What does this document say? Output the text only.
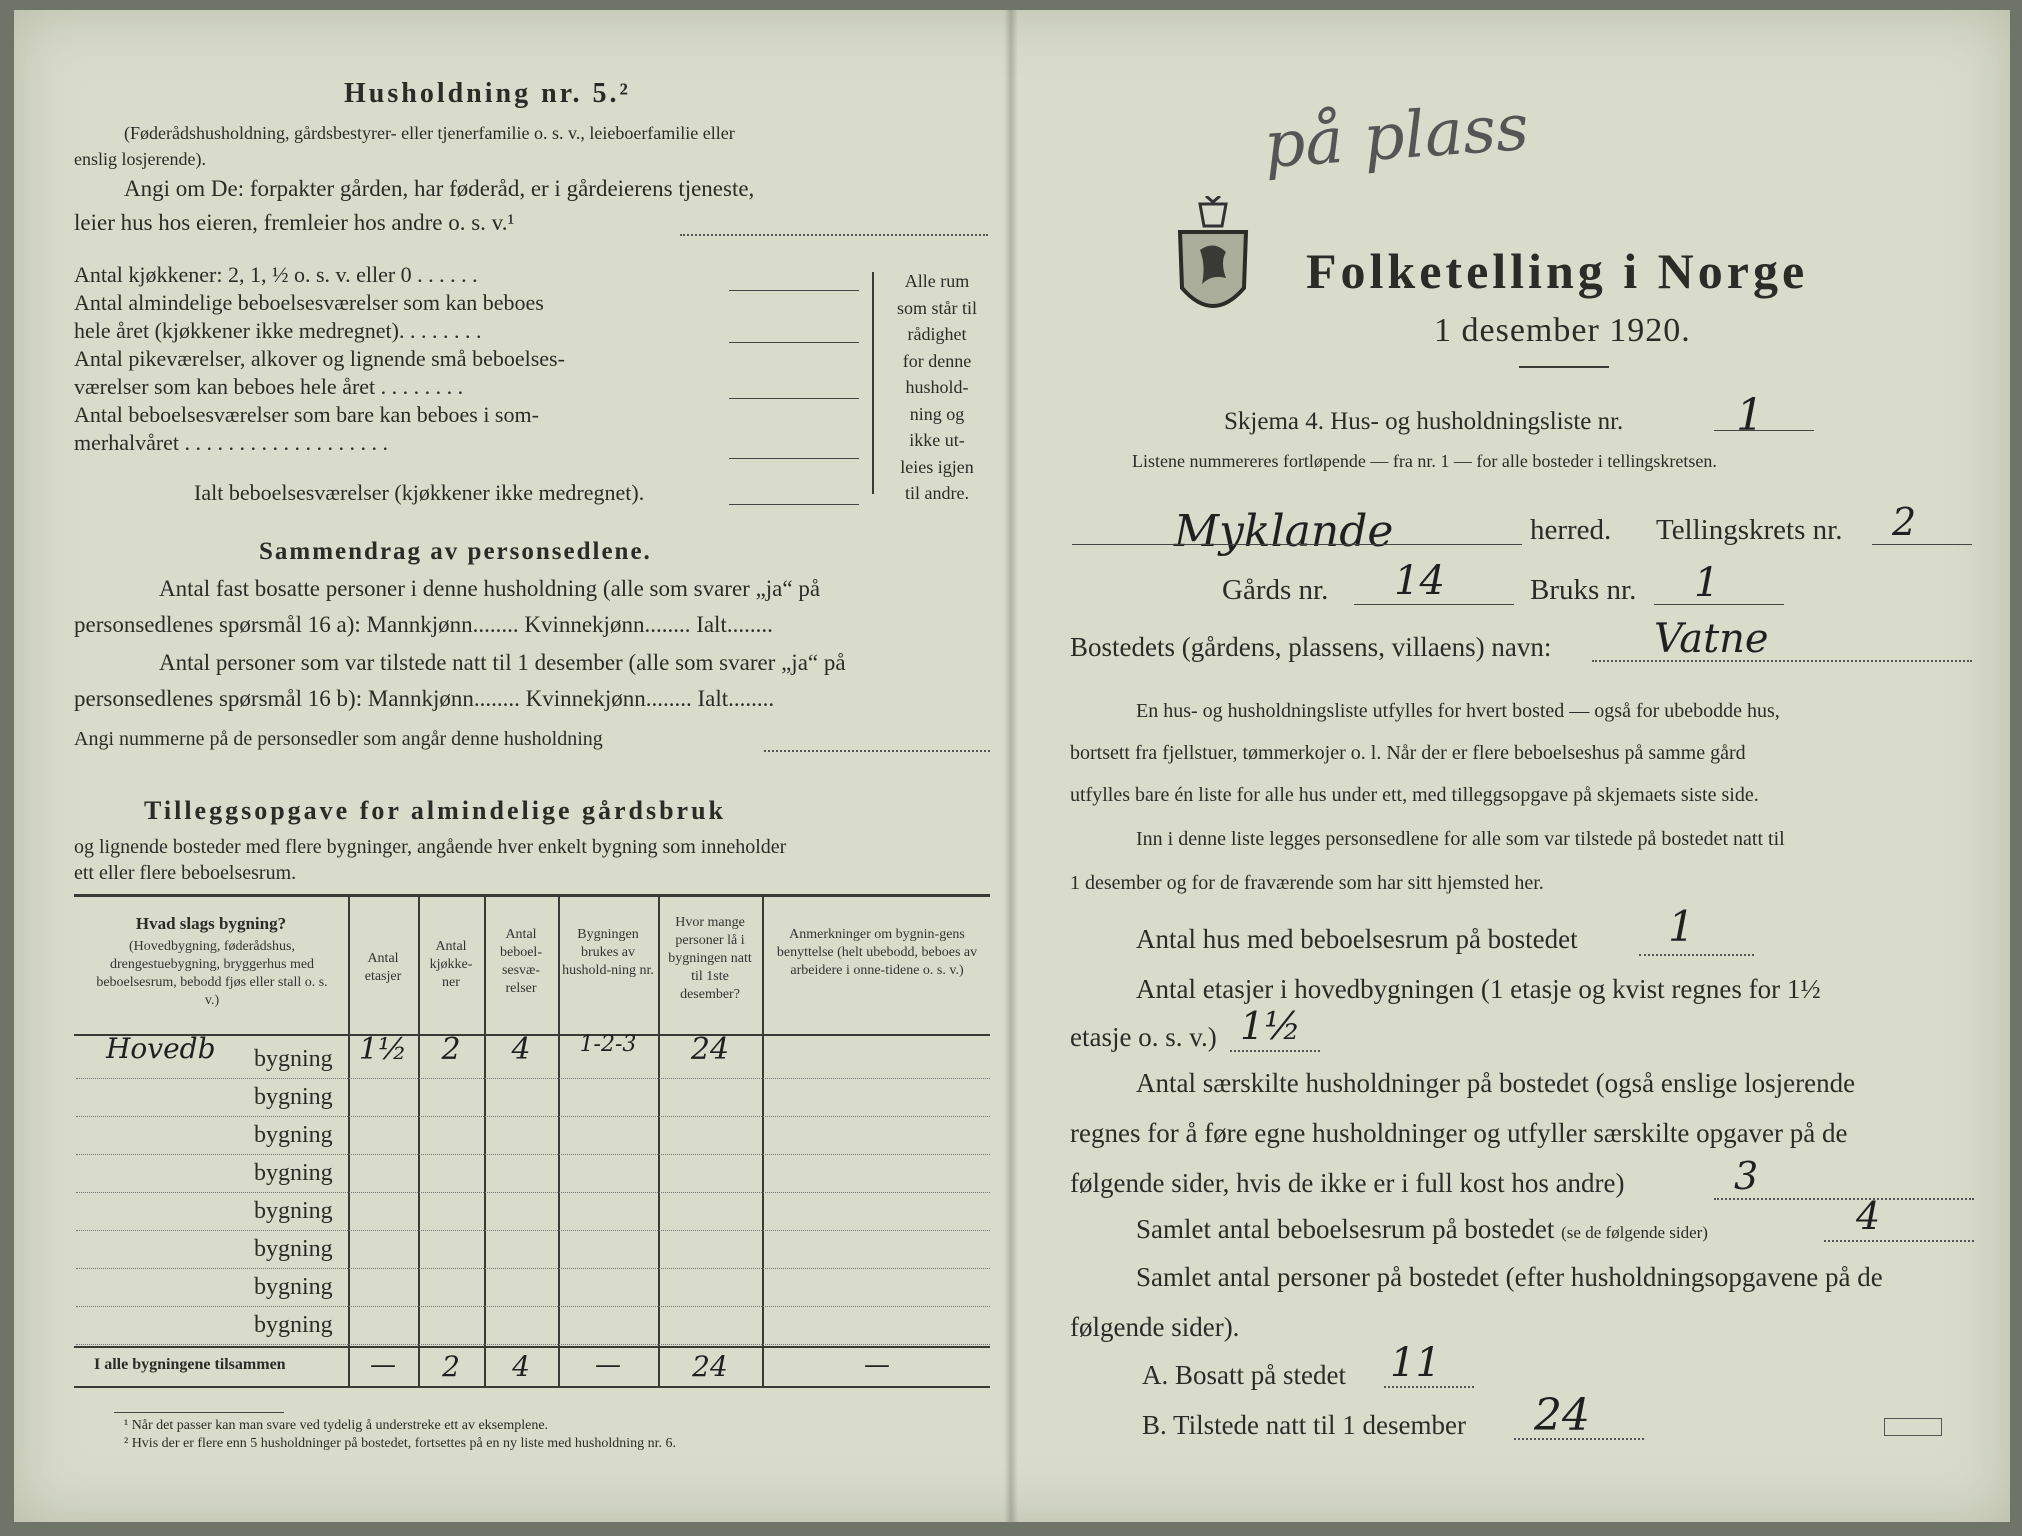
Husholdning nr. 5.²
(Føderådshusholdning, gårdsbestyrer- eller tjenerfamilie o. s. v., leieboerfamilie eller
enslig losjerende).
Angi om De: forpakter gården, har føderåd, er i gårdeierens tjeneste,
leier hus hos eieren, fremleier hos andre o. s. v.¹
Antal kjøkkener: 2, 1, ½ o. s. v. eller 0 . . . . . .
Antal almindelige beboelsesværelser som kan beboes
hele året (kjøkkener ikke medregnet). . . . . . . .
Antal pikeværelser, alkover og lignende små beboelses-
værelser som kan beboes hele året . . . . . . . .
Antal beboelsesværelser som bare kan beboes i som-
merhalvåret . . . . . . . . . . . . . . . . . . .
Ialt beboelsesværelser (kjøkkener ikke medregnet).
Alle rum
som står til
rådighet
for denne
hushold-
ning og
ikke ut-
leies igjen
til andre.
Sammendrag av personsedlene.
Antal fast bosatte personer i denne husholdning (alle som svarer „ja“ på
personsedlenes spørsmål 16 a): Mannkjønn........ Kvinnekjønn........ Ialt........
Antal personer som var tilstede natt til 1 desember (alle som svarer „ja“ på
personsedlenes spørsmål 16 b): Mannkjønn........ Kvinnekjønn........ Ialt........
Angi nummerne på de personsedler som angår denne husholdning
Tilleggsopgave for almindelige gårdsbruk
og lignende bosteder med flere bygninger, angående hver enkelt bygning som inneholder
ett eller flere beboelsesrum.
Hvad slags bygning?
(Hovedbygning, føderådshus, drengestuebygning, bryggerhus med beboelsesrum, bebodd fjøs eller stall o. s. v.)
Antal etasjer
Antal kjøkke-ner
Antal beboel-sesvæ-relser
Bygningen brukes av hushold-ning nr.
Hvor mange personer lå i bygningen natt til 1ste desember?
Anmerkninger om bygnin-gens benyttelse (helt ubebodd, beboes av arbeidere i onne-tidene o. s. v.)
Hovedb bygning 1½	2	4	1-2-3	24
bygning
bygning
bygning
bygning
bygning
bygning
bygning
I alle bygningene tilsammen	—	2	4	—	24	—
¹ Når det passer kan man svare ved tydelig å understreke ett av eksemplene.
² Hvis der er flere enn 5 husholdninger på bostedet, fortsettes på en ny liste med husholdning nr. 6.
på plass
Folketelling i Norge
1 desember 1920.
Skjema 4. Hus- og husholdningsliste nr.	1
Listene nummereres fortløpende — fra nr. 1 — for alle bosteder i tellingskretsen.
Myklande	herred. Tellingskrets nr. 2
Gårds nr. 14	Bruks nr. 1
Bostedets (gårdens, plassens, villaens) navn:	Vatne
En hus- og husholdningsliste utfylles for hvert bosted — også for ubebodde hus,
bortsett fra fjellstuer, tømmerkojer o. l. Når der er flere beboelseshus på samme gård
utfylles bare én liste for alle hus under ett, med tilleggsopgave på skjemaets siste side.
Inn i denne liste legges personsedlene for alle som var tilstede på bostedet natt til
1 desember og for de fraværende som har sitt hjemsted her.
Antal hus med beboelsesrum på bostedet 1
Antal etasjer i hovedbygningen (1 etasje og kvist regnes for 1½
etasje o. s. v.) 1½
Antal særskilte husholdninger på bostedet (også enslige losjerende
regnes for å føre egne husholdninger og utfyller særskilte opgaver på de
følgende sider, hvis de ikke er i full kost hos andre)	3
Samlet antal beboelsesrum på bostedet (se de følgende sider)	4
Samlet antal personer på bostedet (efter husholdningsopgavene på de
følgende sider).
A. Bosatt på stedet 11
B. Tilstede natt til 1 desember 24
